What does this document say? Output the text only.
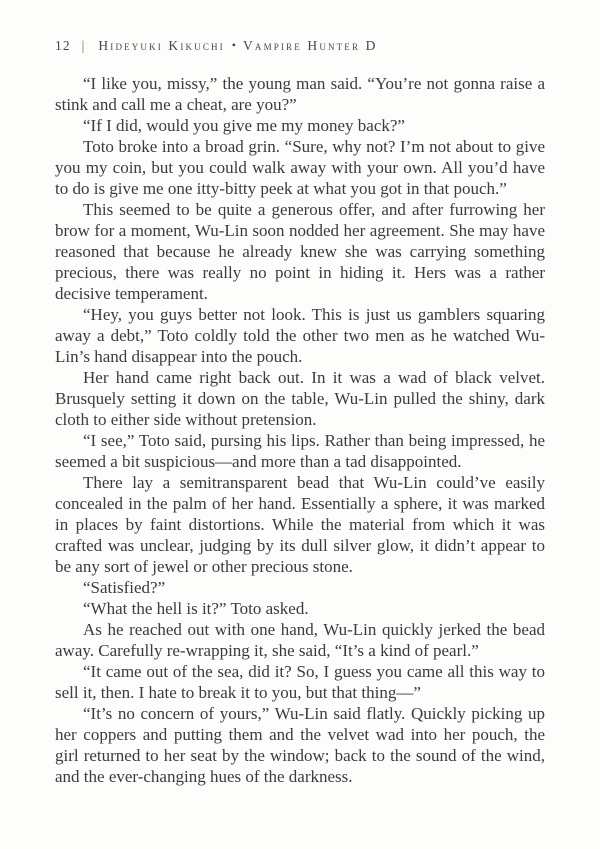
12 | Hideyuki Kikuchi • Vampire Hunter D

“I like you, missy,” the young man said. “You’re not gonna raise a stink and call me a cheat, are you?”

“If I did, would you give me my money back?”

Toto broke into a broad grin. “Sure, why not? I’m not about to give you my coin, but you could walk away with your own. All you’d have to do is give me one itty-bitty peek at what you got in that pouch.”

This seemed to be quite a generous offer, and after furrowing her brow for a moment, Wu-Lin soon nodded her agreement. She may have reasoned that because he already knew she was carrying something precious, there was really no point in hiding it. Hers was a rather decisive temperament.

“Hey, you guys better not look. This is just us gamblers squaring away a debt,” Toto coldly told the other two men as he watched Wu-Lin’s hand disappear into the pouch.

Her hand came right back out. In it was a wad of black velvet. Brusquely setting it down on the table, Wu-Lin pulled the shiny, dark cloth to either side without pretension.

“I see,” Toto said, pursing his lips. Rather than being impressed, he seemed a bit suspicious—and more than a tad disappointed.

There lay a semitransparent bead that Wu-Lin could’ve easily concealed in the palm of her hand. Essentially a sphere, it was marked in places by faint distortions. While the material from which it was crafted was unclear, judging by its dull silver glow, it didn’t appear to be any sort of jewel or other precious stone.

“Satisfied?”

“What the hell is it?” Toto asked.

As he reached out with one hand, Wu-Lin quickly jerked the bead away. Carefully re-wrapping it, she said, “It’s a kind of pearl.”

“It came out of the sea, did it? So, I guess you came all this way to sell it, then. I hate to break it to you, but that thing—”

“It’s no concern of yours,” Wu-Lin said flatly. Quickly picking up her coppers and putting them and the velvet wad into her pouch, the girl returned to her seat by the window; back to the sound of the wind, and the ever-changing hues of the darkness.
